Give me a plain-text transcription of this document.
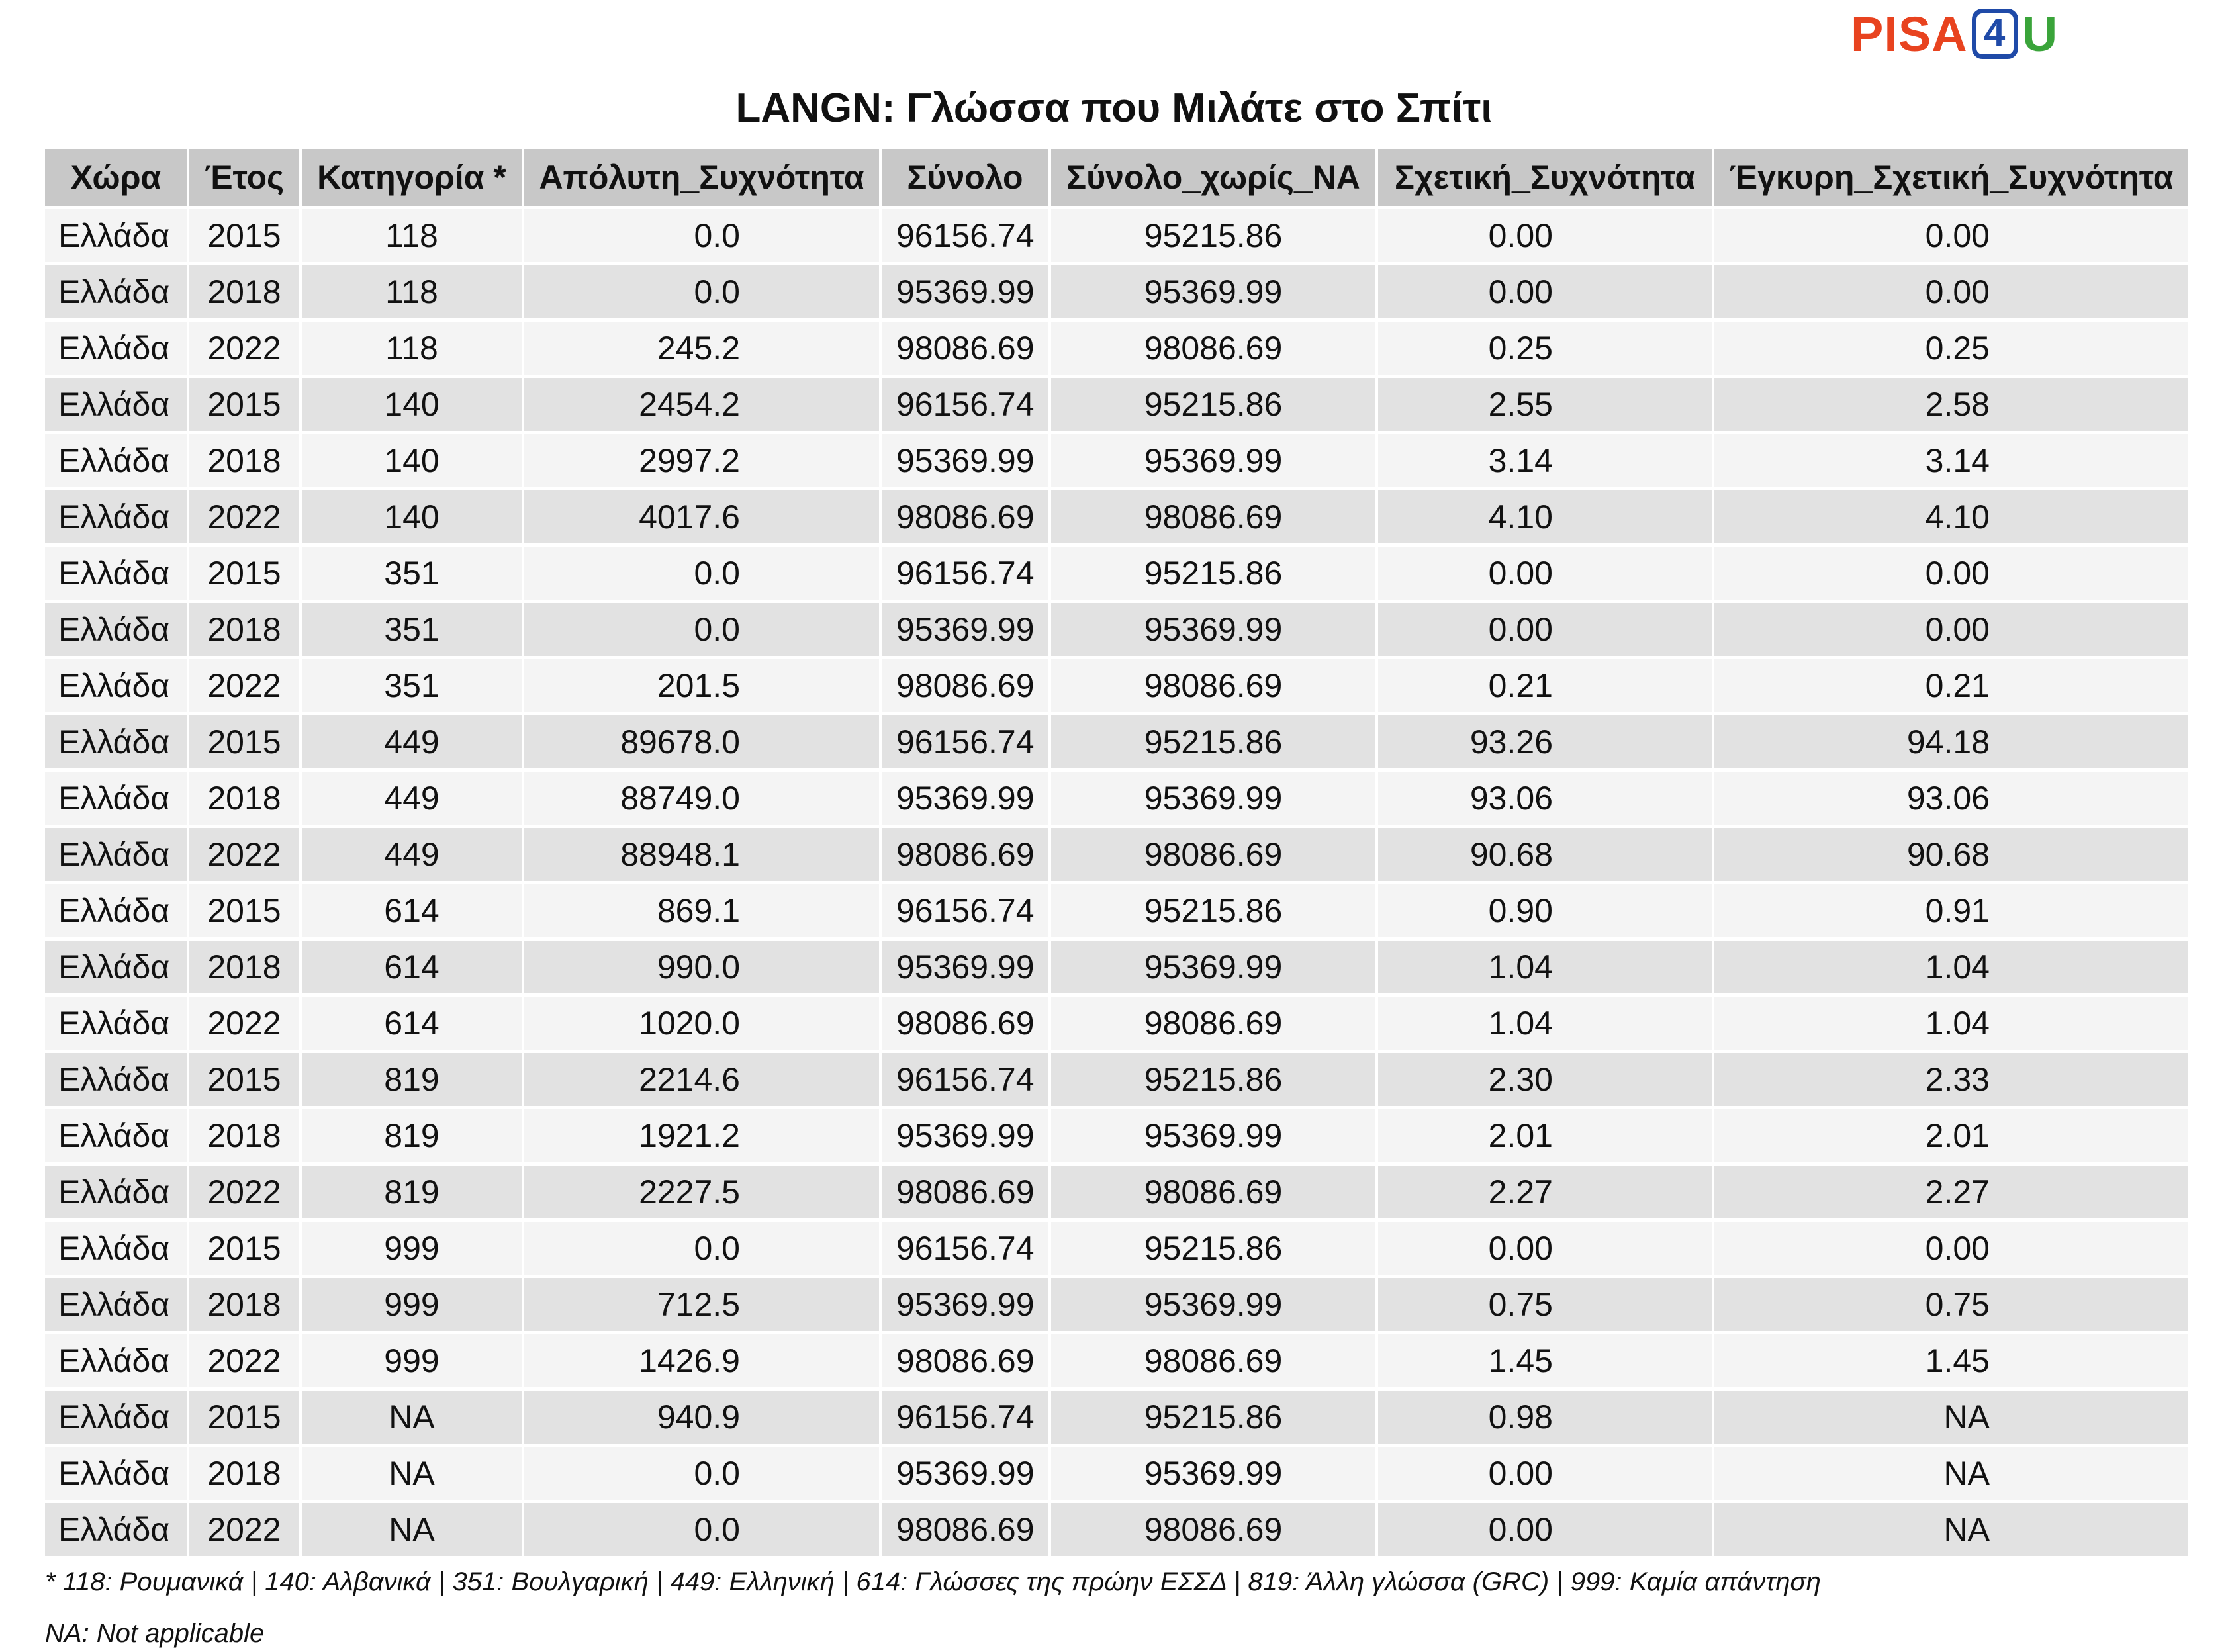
PISA 4 U
LANGN: Γλώσσα που Μιλάτε στο Σπίτι
Χώρα	Έτος	Κατηγορία *	Απόλυτη_Συχνότητα	Σύνολο	Σύνολο_χωρίς_NA	Σχετική_Συχνότητα	Έγκυρη_Σχετική_Συχνότητα
Ελλάδα	2015	118	0.0	96156.74	95215.86	0.00	0.00
Ελλάδα	2018	118	0.0	95369.99	95369.99	0.00	0.00
Ελλάδα	2022	118	245.2	98086.69	98086.69	0.25	0.25
Ελλάδα	2015	140	2454.2	96156.74	95215.86	2.55	2.58
Ελλάδα	2018	140	2997.2	95369.99	95369.99	3.14	3.14
Ελλάδα	2022	140	4017.6	98086.69	98086.69	4.10	4.10
Ελλάδα	2015	351	0.0	96156.74	95215.86	0.00	0.00
Ελλάδα	2018	351	0.0	95369.99	95369.99	0.00	0.00
Ελλάδα	2022	351	201.5	98086.69	98086.69	0.21	0.21
Ελλάδα	2015	449	89678.0	96156.74	95215.86	93.26	94.18
Ελλάδα	2018	449	88749.0	95369.99	95369.99	93.06	93.06
Ελλάδα	2022	449	88948.1	98086.69	98086.69	90.68	90.68
Ελλάδα	2015	614	869.1	96156.74	95215.86	0.90	0.91
Ελλάδα	2018	614	990.0	95369.99	95369.99	1.04	1.04
Ελλάδα	2022	614	1020.0	98086.69	98086.69	1.04	1.04
Ελλάδα	2015	819	2214.6	96156.74	95215.86	2.30	2.33
Ελλάδα	2018	819	1921.2	95369.99	95369.99	2.01	2.01
Ελλάδα	2022	819	2227.5	98086.69	98086.69	2.27	2.27
Ελλάδα	2015	999	0.0	96156.74	95215.86	0.00	0.00
Ελλάδα	2018	999	712.5	95369.99	95369.99	0.75	0.75
Ελλάδα	2022	999	1426.9	98086.69	98086.69	1.45	1.45
Ελλάδα	2015	NA	940.9	96156.74	95215.86	0.98	NA
Ελλάδα	2018	NA	0.0	95369.99	95369.99	0.00	NA
Ελλάδα	2022	NA	0.0	98086.69	98086.69	0.00	NA
* 118: Ρουμανικά | 140: Αλβανικά | 351: Βουλγαρική | 449: Ελληνική | 614: Γλώσσες της πρώην ΕΣΣΔ | 819: Άλλη γλώσσα (GRC) | 999: Καμία απάντηση
NA: Not applicable
